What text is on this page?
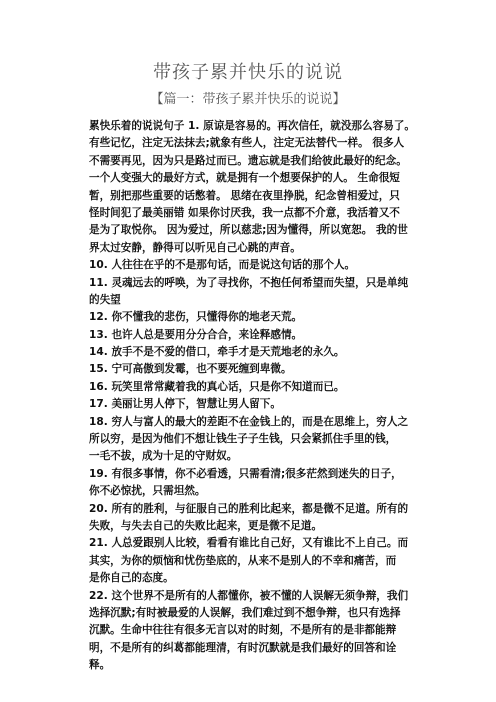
带孩子累并快乐的说说
【篇一：带孩子累并快乐的说说】
累快乐着的说说句子 1. 原谅是容易的。再次信任，就没那么容易了。
有些记忆，注定无法抹去;就象有些人，注定无法替代一样。 很多人
不需要再见，因为只是路过而已。遗忘就是我们给彼此最好的纪念。
一个人变强大的最好方式，就是拥有一个想要保护的人。 生命很短
暂，别把那些重要的话憋着。 思绪在夜里挣脱，纪念曾相爱过，只
怪时间犯了最美丽错 如果你讨厌我，我一点都不介意，我活着又不
是为了取悦你。 因为爱过，所以慈悲;因为懂得，所以宽恕。 我的世
界太过安静，静得可以听见自己心跳的声音。
10. 人往往在乎的不是那句话，而是说这句话的那个人。
11. 灵魂远去的呼唤，为了寻找你，不抱任何希望而失望，只是单纯
的失望
12. 你不懂我的悲伤，只懂得你的地老天荒。
13. 也许人总是要用分分合合，来诠释感情。
14. 放手不是不爱的借口，牵手才是天荒地老的永久。
15. 宁可高傲到发霉，也不要死缠到卑微。
16. 玩笑里常常藏着我的真心话，只是你不知道而已。
17. 美丽让男人停下，智慧让男人留下。
18. 穷人与富人的最大的差距不在金钱上的，而是在思维上，穷人之
所以穷，是因为他们不想让钱生子子生钱，只会紧抓住手里的钱，
一毛不拔，成为十足的守财奴。
19. 有很多事情，你不必看透，只需看清;很多茫然到迷失的日子，
你不必惊扰，只需坦然。
20. 所有的胜利，与征服自己的胜利比起来，都是微不足道。所有的
失败，与失去自己的失败比起来，更是微不足道。
21. 人总爱跟别人比较，看看有谁比自己好，又有谁比不上自己。而
其实，为你的烦恼和忧伤垫底的，从来不是别人的不幸和痛苦，而
是你自己的态度。
22. 这个世界不是所有的人都懂你，被不懂的人误解无须争辩，我们
选择沉默;有时被最爱的人误解，我们难过到不想争辩，也只有选择
沉默。生命中往往有很多无言以对的时刻，不是所有的是非都能辩
明，不是所有的纠葛都能理清，有时沉默就是我们最好的回答和诠
释。
